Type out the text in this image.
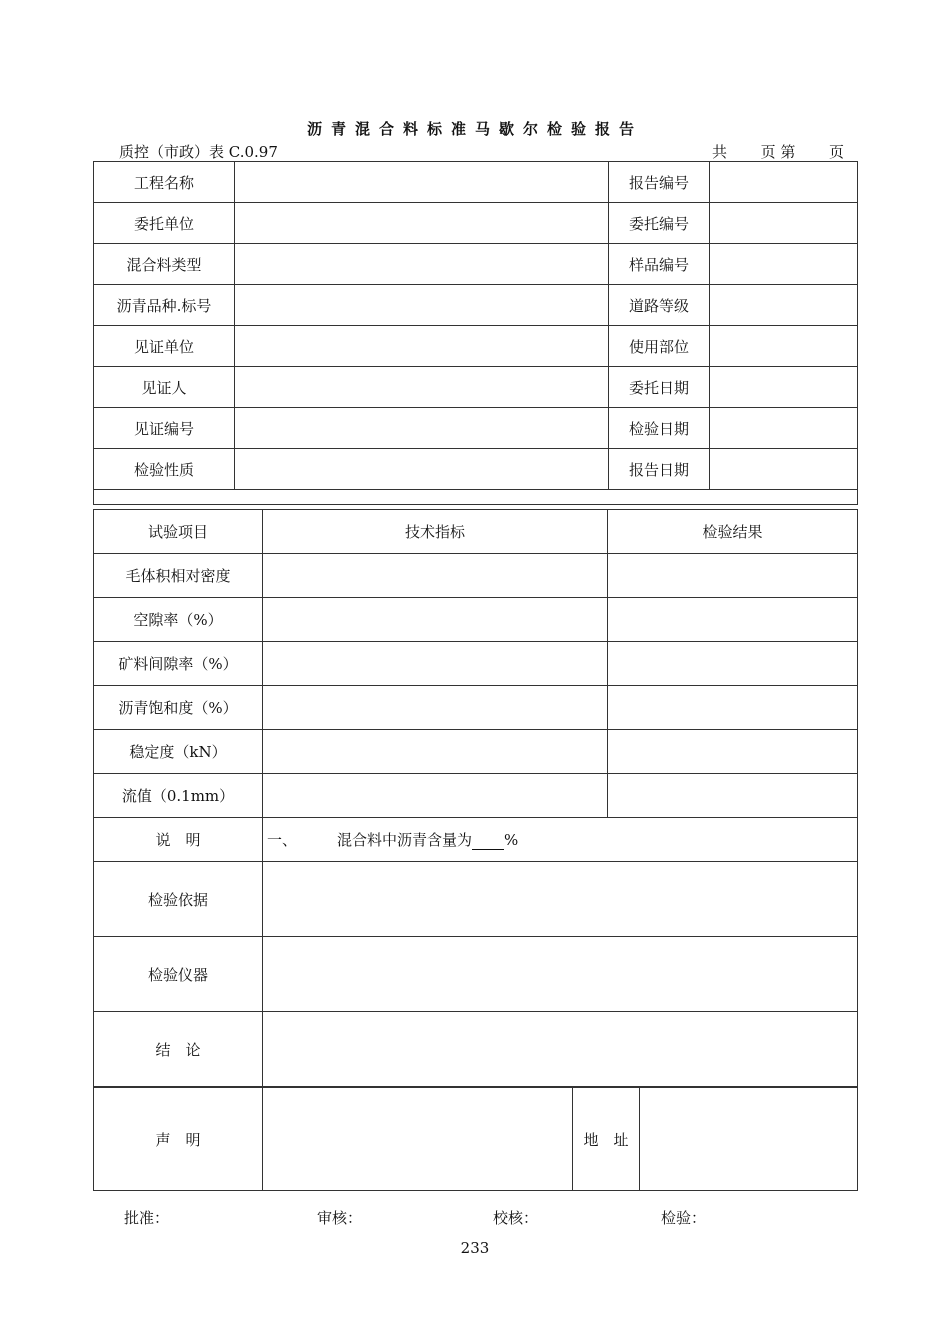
沥青混合料标准马歇尔检验报告
质控（市政）表 C.0.97	共 页 第 页
工程名称		报告编号	
委托单位		委托编号	
混合料类型		样品编号	
沥青品种.标号		道路等级	
见证单位		使用部位	
见证人		委托日期	
见证编号		检验日期	
检验性质		报告日期	

试验项目	技术指标	检验结果
毛体积相对密度		
空隙率（%）		
矿料间隙率（%）		
沥青饱和度（%）		
稳定度（kN）		
流值（0.1mm）		
说　明	一、 混合料中沥青含量为 %	
检验依据		
检验仪器		
结　论		
声　明		地　址	
批准：	审核：	校核：	检验：
233
